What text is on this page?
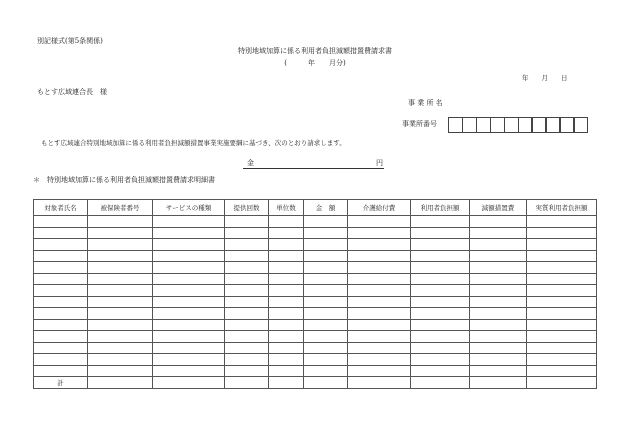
別記様式(第5条関係)
特別地域加算に係る利用者負担減額措置費請求書
(　　　年　　月分)
年　　月　　日
もとす広域連合長　様
事 業 所 名
事業所番号
もとす広域連合特別地域加算に係る利用者負担減額措置事業実施要綱に基づき、次のとおり請求します。
金	円
＊　特別地域加算に係る利用者負担減額措置費請求明細書
対象者氏名	被保険者番号	サービスの種類	提供回数	単位数	金　額	介護給付費	利用者負担額	減額措置費	実質利用者負担額

計									
